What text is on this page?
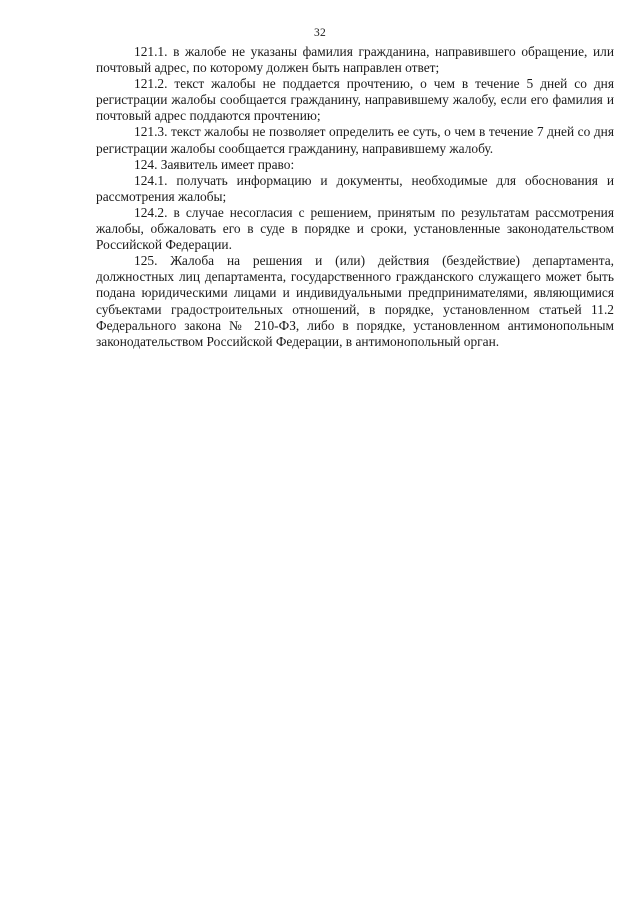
32

121.1. в жалобе не указаны фамилия гражданина, направившего обращение, или почтовый адрес, по которому должен быть направлен ответ;

121.2. текст жалобы не поддается прочтению, о чем в течение 5 дней со дня регистрации жалобы сообщается гражданину, направившему жалобу, если его фамилия и почтовый адрес поддаются прочтению;

121.3. текст жалобы не позволяет определить ее суть, о чем в течение 7 дней со дня регистрации жалобы сообщается гражданину, направившему жалобу.

124. Заявитель имеет право:

124.1. получать информацию и документы, необходимые для обоснования и рассмотрения жалобы;

124.2. в случае несогласия с решением, принятым по результатам рассмотрения жалобы, обжаловать его в суде в порядке и сроки, установленные законодательством Российской Федерации.

125. Жалоба на решения и (или) действия (бездействие) департамента, должностных лиц департамента, государственного гражданского служащего может быть подана юридическими лицами и индивидуальными предпринимателями, являющимися субъектами градостроительных отношений, в порядке, установленном статьей 11.2 Федерального закона № 210-ФЗ, либо в порядке, установленном антимонопольным законодательством Российской Федерации, в антимонопольный орган.
